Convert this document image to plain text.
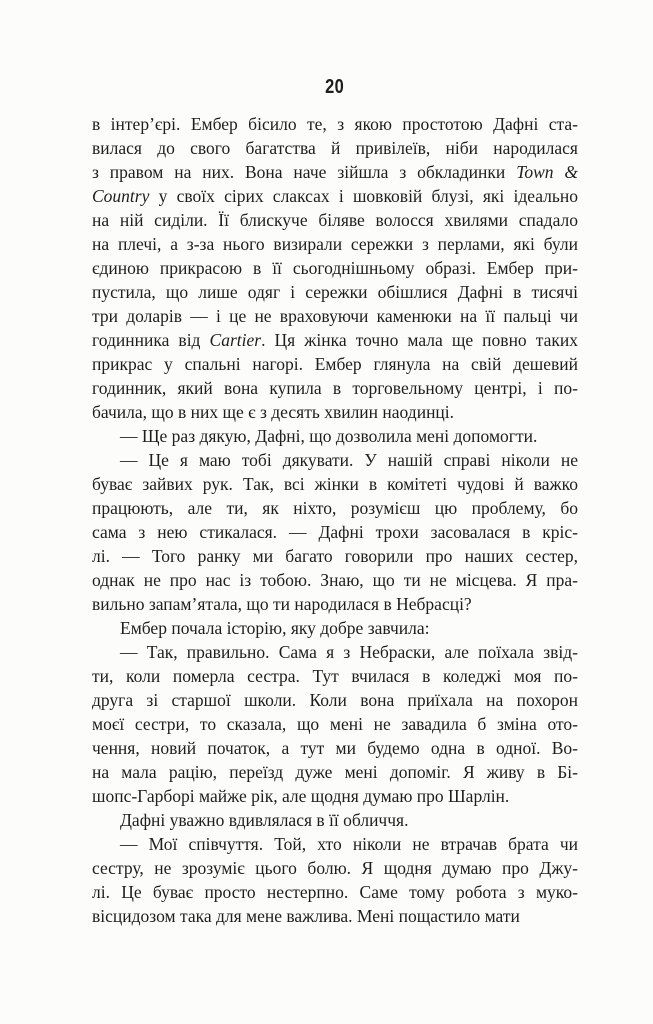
20
в інтер’єрі. Ембер бісило те, з якою простотою Дафні ста-
вилася до свого багатства й привілеїв, ніби народилася
з правом на них. Вона наче зійшла з обкладинки Town &
Country у своїх сірих слаксах і шовковій блузі, які ідеально
на ній сиділи. Її блискуче біляве волосся хвилями спадало
на плечі, а з-за нього визирали сережки з перлами, які були
єдиною прикрасою в її сьогоднішньому образі. Ембер при-
пустила, що лише одяг і сережки обішлися Дафні в тисячі
три доларів — і це не враховуючи каменюки на її пальці чи
годинника від Cartier. Ця жінка точно мала ще повно таких
прикрас у спальні нагорі. Ембер глянула на свій дешевий
годинник, який вона купила в торговельному центрі, і по-
бачила, що в них ще є з десять хвилин наодинці.
— Ще раз дякую, Дафні, що дозволила мені допомогти.
— Це я маю тобі дякувати. У нашій справі ніколи не
буває зайвих рук. Так, всі жінки в комітеті чудові й важко
працюють, але ти, як ніхто, розумієш цю проблему, бо
сама з нею стикалася. — Дафні трохи засовалася в кріс-
лі. — Того ранку ми багато говорили про наших сестер,
однак не про нас із тобою. Знаю, що ти не місцева. Я пра-
вильно запам’ятала, що ти народилася в Небрасці?
Ембер почала історію, яку добре завчила:
— Так, правильно. Сама я з Небраски, але поїхала звід-
ти, коли померла сестра. Тут вчилася в коледжі моя по-
друга зі старшої школи. Коли вона приїхала на похорон
моєї сестри, то сказала, що мені не завадила б зміна ото-
чення, новий початок, а тут ми будемо одна в одної. Во-
на мала рацію, переїзд дуже мені допоміг. Я живу в Бі-
шопс-Гарборі майже рік, але щодня думаю про Шарлін.
Дафні уважно вдивлялася в її обличчя.
— Мої співчуття. Той, хто ніколи не втрачав брата чи
сестру, не зрозуміє цього болю. Я щодня думаю про Джу-
лі. Це буває просто нестерпно. Саме тому робота з муко-
вісцидозом така для мене важлива. Мені пощастило мати
